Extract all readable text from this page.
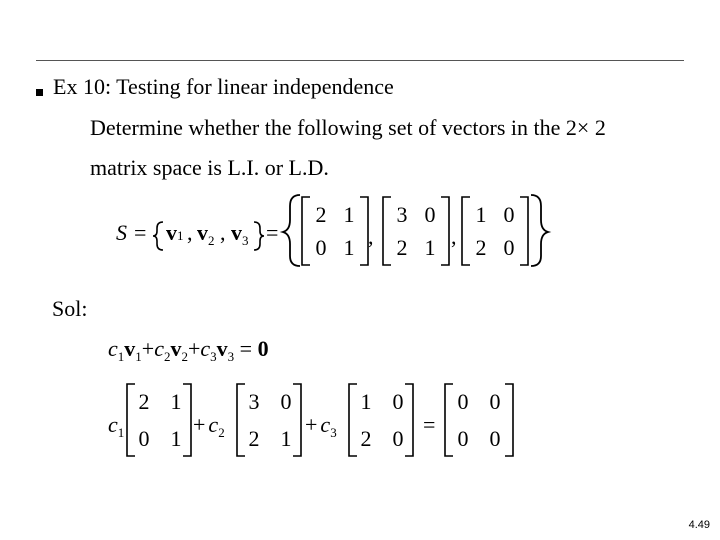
Ex 10: Testing for linear independence
Determine whether the following set of vectors in the 2× 2
matrix space is L.I. or L.D.
Sol:
S = v1 , $v_2$ , $v_3$ =	,	,
2 1
0 1
3 0
2 1
1 0
2 0
$c_1v_1+c_2v_2+c_3v_3 = 0$
$c_1$	+ $c_2$	+ $c_3$	=
2 1
0 1
3 0
2 1
1 0
2 0
0 0
0 0
4.49
